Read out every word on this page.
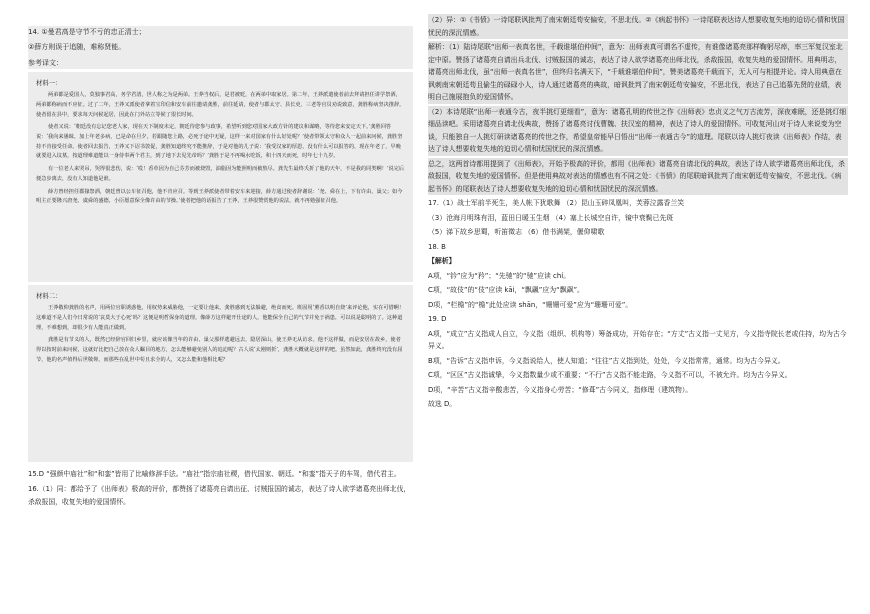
14. ①曼君高是守节不亏的忠正清士；

②薛方则误于追随，难称贤能。

参考译文：

材料一：

两弟都是爱国人，莫独事君高，务学君清，世人称之为是两弟。王莽当权后，是君被贬，在两弟中取家居。第二年，王莽派遣使者前去拜请担任讲学祭酒，两弟都称病而不应征。过了二年，王莽又派使者拿着宝印信和安车前往邀请龚胜，前往延请，使者与郡太守、县长吏、三老等官员劝说致意，龚胜称病坚决推辞。使者留在县中，要求每天问候起居，因此在门外站立等候了很长时间。

使者又说：‘朝廷没有忘记您老人家，现在天下制度未定，朝廷待您参与政事，希望听到您对国家大政方针的建议和谋略，等待您来安定天下。’龚胜回答说：‘我向来愚昧，加上年老多病，已是命在旦夕，若跟随您上路，必死于途中无疑，这样一来对国家有什么好处呢？’使者带领太守和众人一起前来问候，龚胜坚持不肯接受任命。使者回去报告，王莽又下诏书敦促，龚胜知道终究不能推辞，于是对他的儿子说：‘我受汉家的厚恩，没有什么可以报答的，现在年老了，早晚就要进入坟墓，按道理难道能以一身侍奉两个君主，到了地下去见先帝吗？’龚胜于是不再喝水吃饭，积十四天而死，时年七十九岁。

有一位老人来哭吊，哭得很悲伤，说：‘哎！香草因为自己芬芳而被烧毁，油脂因为能照明而被熬尽。龚先生最终夭折了他的天年，不是我的同类啊！’说完后便急步离去，没有人知道他是谁。

薛方曾经担任郡掾祭酒，朝廷曾以公车征召他，他不肯应召。等到王莽派使者带着安车来迎接，薛方通过使者辞谢说：‘尧、舜在上，下有许由、巢父；如今明主正要隆兴唐尧、虞舜的盛德，小臣愿意保全像许由的节操。’使者把他的话报告了王莽，王莽很赞赏他的说法，就不再勉强征召他。

材料二：

王莽敬仰龚胜的名声，用两位官职诱惑他，用权势来威胁他，一定要让他来。龚胜感到无法躲避，绝食而死。班固用‘薰香以明自烧’来评论他，实在可惜啊！这难道不是人们今日常说的‘哀莫大于心死’吗？这便是明哲保身的道理。像薛方这样避开仕途的人，他能保全自己的气节并免于祸患，可以说是聪明的了。这种道理，不难想到，却很少有人能真正做到。

龚胜是有节义的人，既然已经辞官回归乡里，就应该像当年的许由、巢父那样逃避远去，隐居深山，使王莽无从访求。他不这样做，而是安居在故乡，使者得以按时前来问候，这就好比把自己放在众人瞩目的地方，怎么能够避免别人的追迫呢？古人说‘太刚则折’，龚胜大概就是这样的吧。虽然如此，龚胜终究没有屈节，他的名声值得后世敬仰，而那些在乱世中苟且求全的人，又怎么能和他相比呢？

15.D “强颜中庙社”和“和銮”皆用了比喻修辞手法。“庙社”指宗庙社稷，借代国家、朝廷。“和銮”指天子的车驾，借代君主。

16.（1）同：都给予了《出师表》极高的评价，都赞扬了诸葛亮自请出征、讨贼报国的诚志，表达了诗人欲学诸葛亮出师北伐，杀敌报国，收复失地的爱国情怀。

（2）异：①《书愤》一诗尾联讽批判了南宋朝廷苟安偏安，不思北伐。②《病起书怀》一诗尾联表达诗人想要收复失地的迫切心情和忧国忧民的深沉情感。

解析：（1）陆诗尾联“出师一表真名世，千载谁堪伯仲间”，意为：出师表真可谓名不虚传，有谁像诸葛亮那样鞠躬尽瘁，率三军复汉室北定中原。赞扬了诸葛亮自请出兵北伐、讨贼报国的诚志，表达了诗人欲学诸葛亮出师北伐，杀敌报国，收复失地的爱国情怀。用典明志，诸葛亮出师北伐，虽“出师一表真名世”，但终归名满天下，“千载谁堪伯仲间”，赞美诸葛亮千载而下，无人可与相提并论。诗人用典意在讽刺南宋朝廷苟且偷生的碌碌小人，诗人通过诸葛亮的典故，暗讽批判了南宋朝廷苟安偏安，不思北伐，表达了自己追慕先贤的业绩，表明自己施展抱负的爱国情怀。

（2）本诗尾联“出师一表通今古，夜半挑灯更细看”，意为：诸葛孔明的传世之作《出师表》忠贞义之气万古流芳，深夜难眠，还是挑灯细细品读吧。采用诸葛亮自请北伐典故，赞扬了诸葛亮讨伐曹魏、扶汉室的精神，表达了诗人的爱国情怀。可收复河山对于诗人来说变为空谈，只能独自一人挑灯研读诸葛亮的传世之作，希望皇帝能早日悟出“出师一表通古今”的道理。尾联以诗人挑灯夜读《出师表》作结，表达了诗人想要收复失地的迫切心情和忧国忧民的深沉情感。

总之，这两首诗都用提到了《出师表》，开始予极高的评价，都用《出师表》诸葛亮自请北伐的典故，表达了诗人欲学诸葛亮出师北伐，杀敌报国，收复失地的爱国情怀。但是使用典故对表达的情感也有不同之处：《书愤》的尾联暗讽批判了南宋朝廷苟安偏安，不思北伐。《病起书怀》的尾联表达了诗人想要收复失地的迫切心情和忧国忧民的深沉情感。

17.（1）战士军前半死生，美人帐下犹歌舞 （2）昆山玉碎凤凰叫，芙蓉泣露香兰笑

（3）沧海月明珠有泪，蓝田日暖玉生烟 （4）塞上长城空自许，镜中衰鬓已先斑

（5）涕下故乡思蜀，听笛徵志 （6）借书满架，偃仰啸歌

18. B

【解析】

A项，“钤”应为“矜”；“先驰”的“驰”应读 chí。

C项，“故伎”的“伎”应读 kāi，“飘颻”应为“飘飖”。

D项，“栏檐”的“檐”此处应读 shān，“姗姗可爱”应为“珊珊可爱”。

19. D

A项，“成立”古义指成人自立，今义指（组织、机构等）筹备成功，开始存在；“方丈”古义指一丈见方，今义指寺院长老或住持，均为古今异义。

B项，“告诉”古义指申诉，今义指说给人，使人知道；“往往”古义指到处，处处，今义指常常，通常。均为古今异义。

C项，“区区”古义指诚挚，今义指数量少或不重要；“不行”古义指不能走路，今义指不可以，不被允许。均为古今异义。

D项，“辛苦”古义指辛酸悲苦，今义指身心劳苦；“修葺”古今同义，指修理（建筑物）。

故选 D。
